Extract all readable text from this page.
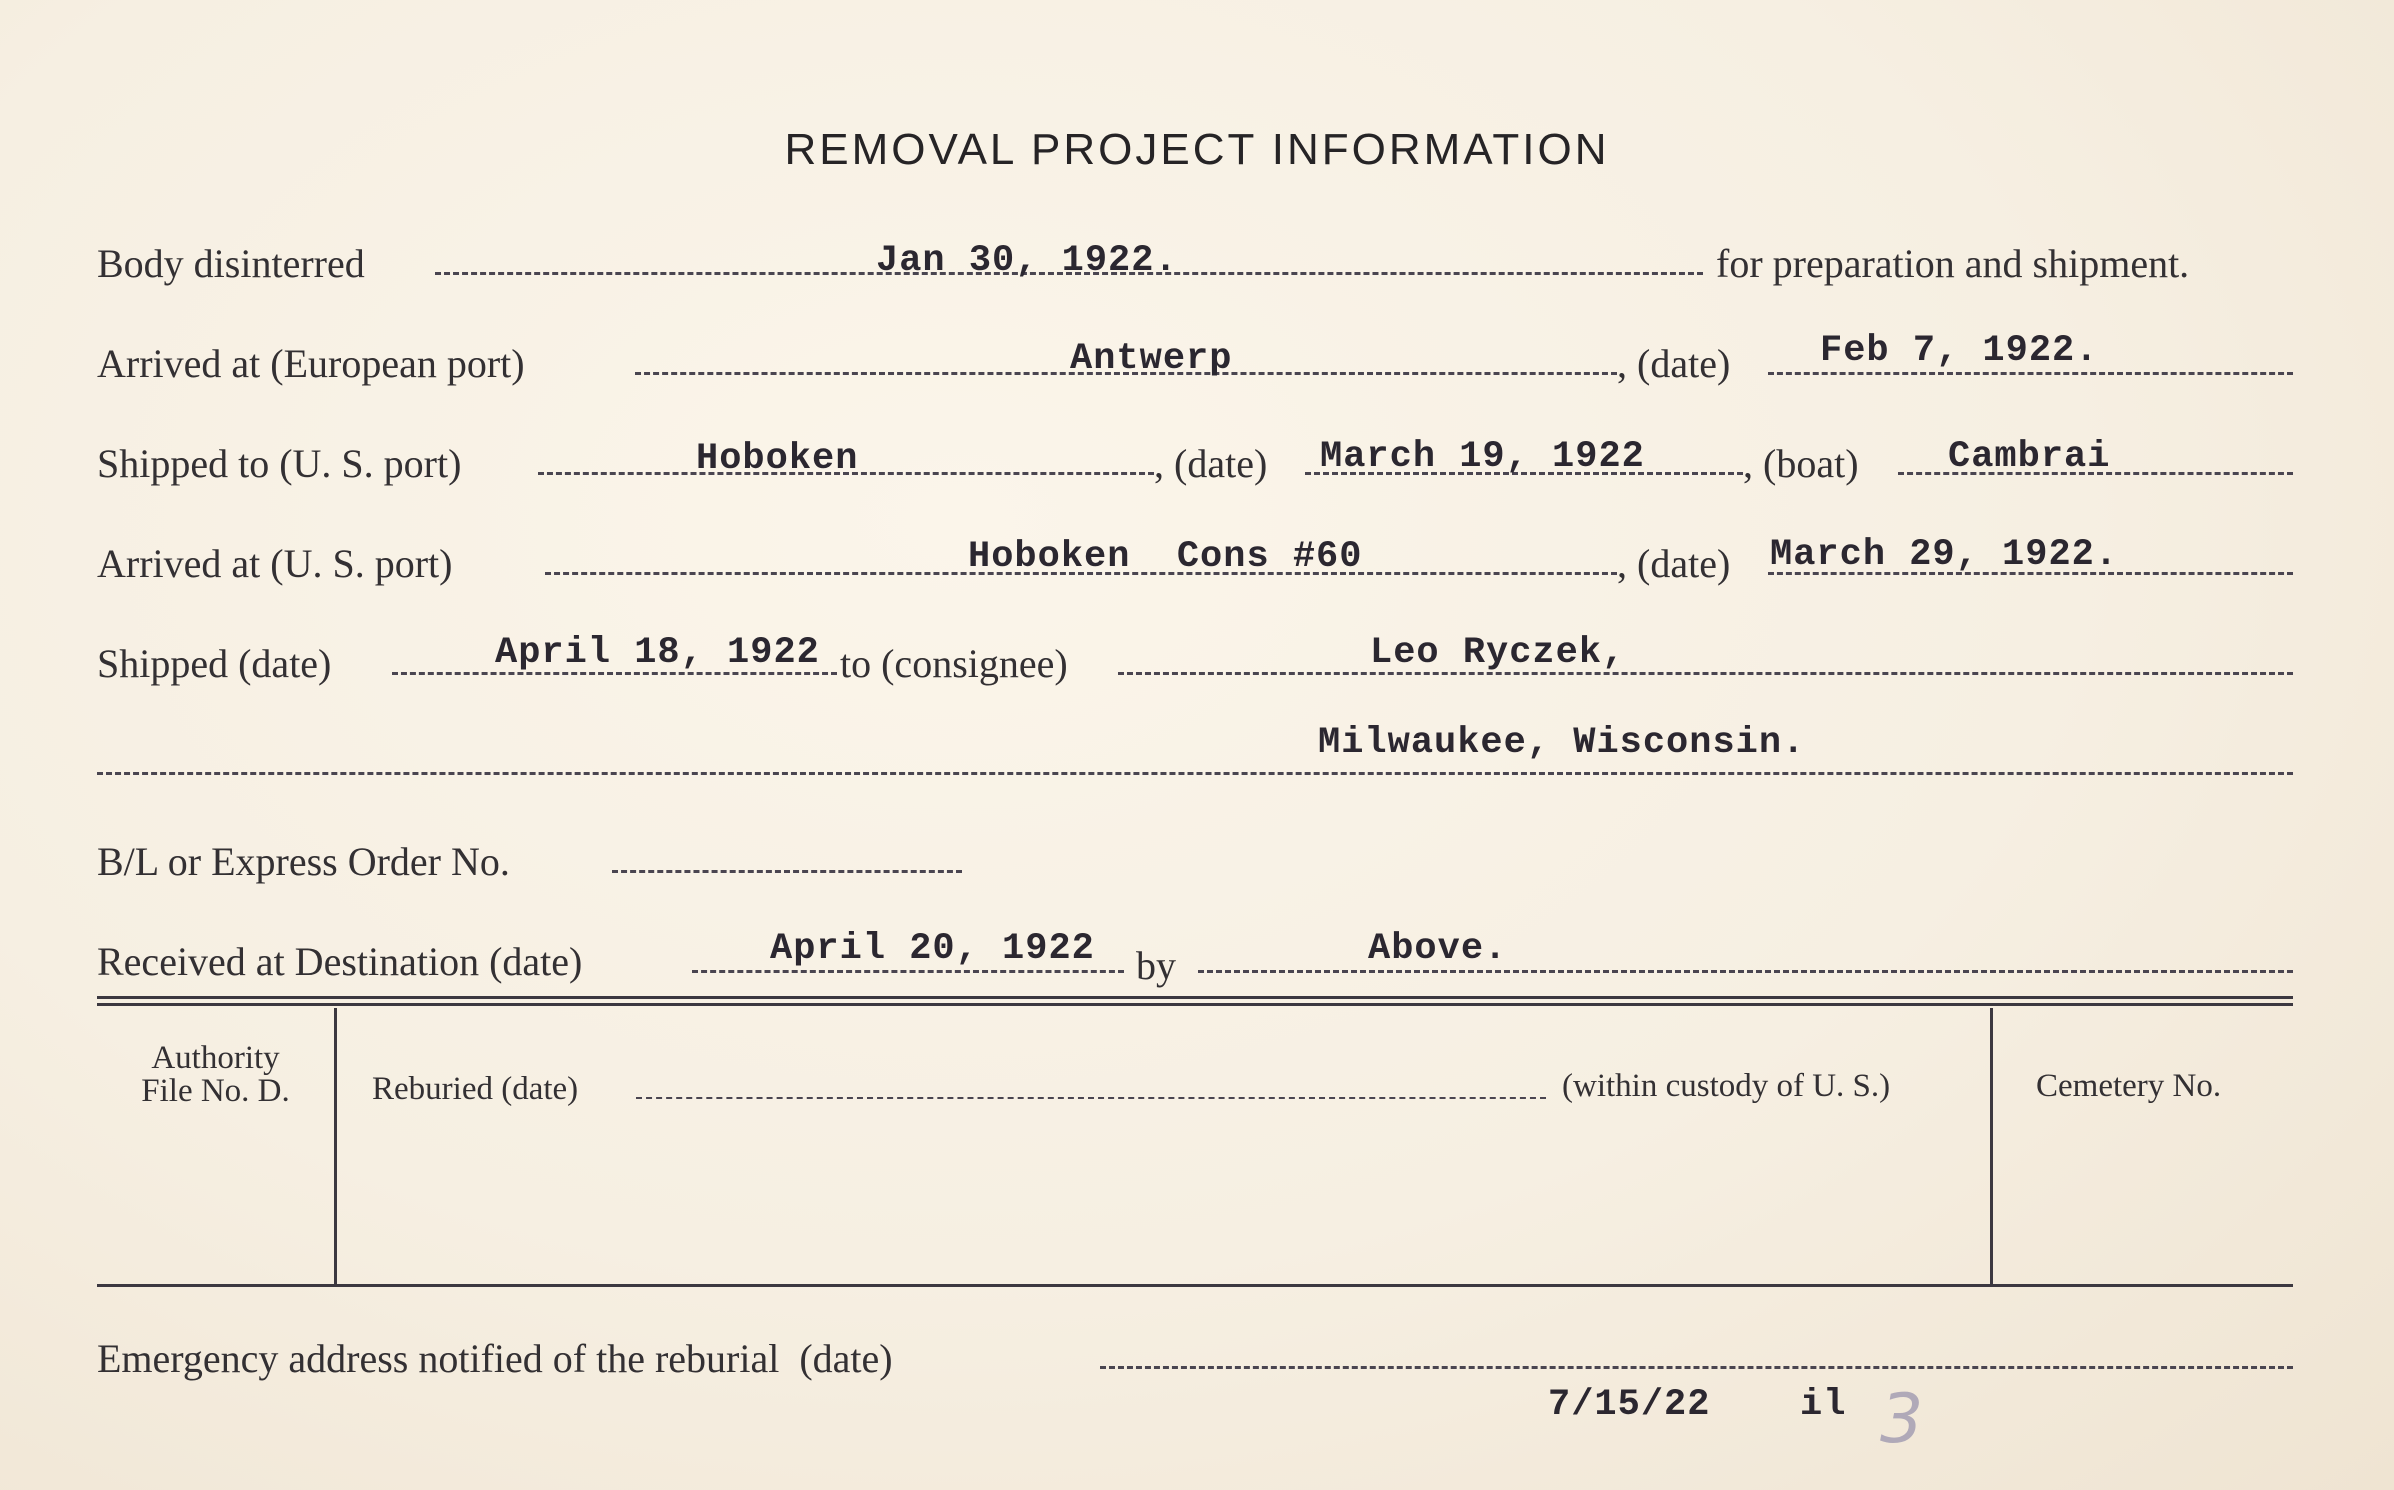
REMOVAL PROJECT INFORMATION
Body disinterred	Jan 30, 1922.	for preparation and shipment.
Arrived at (European port)	Antwerp	, (date) Feb 7, 1922.
Shipped to (U. S. port)	Hoboken	, (date) March 19, 1922 , (boat) Cambrai
Arrived at (U. S. port)	Hoboken  Cons #60	, (date) March 29, 1922.
Shipped (date)	April 18, 1922 to (consignee)	Leo Ryczek,
Milwaukee, Wisconsin.
B/L or Express Order No.
Received at Destination (date)	April 20, 1922 by	Above.
Authority
File No. D.	Reburied (date)	(within custody of U. S.)	Cemetery No.
Emergency address notified of the reburial  (date)
7/15/22 il 3
